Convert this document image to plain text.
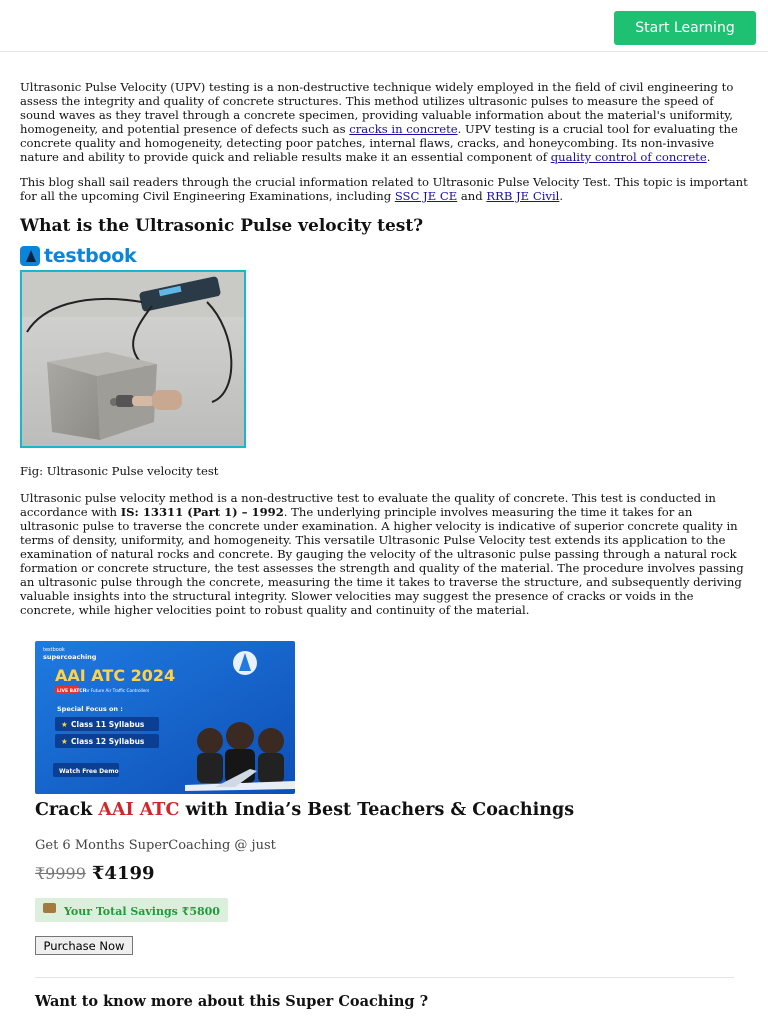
Start Learning

Ultrasonic Pulse Velocity (UPV) testing is a non-destructive technique widely employed in the field of civil engineering to assess the integrity and quality of concrete structures. This method utilizes ultrasonic pulses to measure the speed of sound waves as they travel through a concrete specimen, providing valuable information about the material's uniformity, homogeneity, and potential presence of defects such as cracks in concrete. UPV testing is a crucial tool for evaluating the concrete quality and homogeneity, detecting poor patches, internal flaws, cracks, and honeycombing. Its non-invasive nature and ability to provide quick and reliable results make it an essential component of quality control of concrete.

This blog shall sail readers through the crucial information related to Ultrasonic Pulse Velocity Test. This topic is important for all the upcoming Civil Engineering Examinations, including SSC JE CE and RRB JE Civil.

What is the Ultrasonic Pulse velocity test?
testbook
Fig: Ultrasonic Pulse velocity test

Ultrasonic pulse velocity method is a non-destructive test to evaluate the quality of concrete. This test is conducted in accordance with IS: 13311 (Part 1) – 1992. The underlying principle involves measuring the time it takes for an ultrasonic pulse to traverse the concrete under examination. A higher velocity is indicative of superior concrete quality in terms of density, uniformity, and homogeneity. This versatile Ultrasonic Pulse Velocity test extends its application to the examination of natural rocks and concrete. By gauging the velocity of the ultrasonic pulse passing through a natural rock formation or concrete structure, the test assesses the strength and quality of the material. The procedure involves passing an ultrasonic pulse through the concrete, measuring the time it takes to traverse the structure, and subsequently deriving valuable insights into the structural integrity. Slower velocities may suggest the presence of cracks or voids in the concrete, while higher velocities point to robust quality and continuity of the material.

testbook
supercoaching
AAI ATC 2024
LIVE BATCH
For Future Air Traffic Controllers
Special Focus on :
★ Class 11 Syllabus
★ Class 12 Syllabus
Watch Free Demo
Crack AAI ATC with India’s Best Teachers & Coachings
Get 6 Months SuperCoaching @ just
₹9999 ₹4199
Your Total Savings ₹5800
Purchase Now
Want to know more about this Super Coaching ?
